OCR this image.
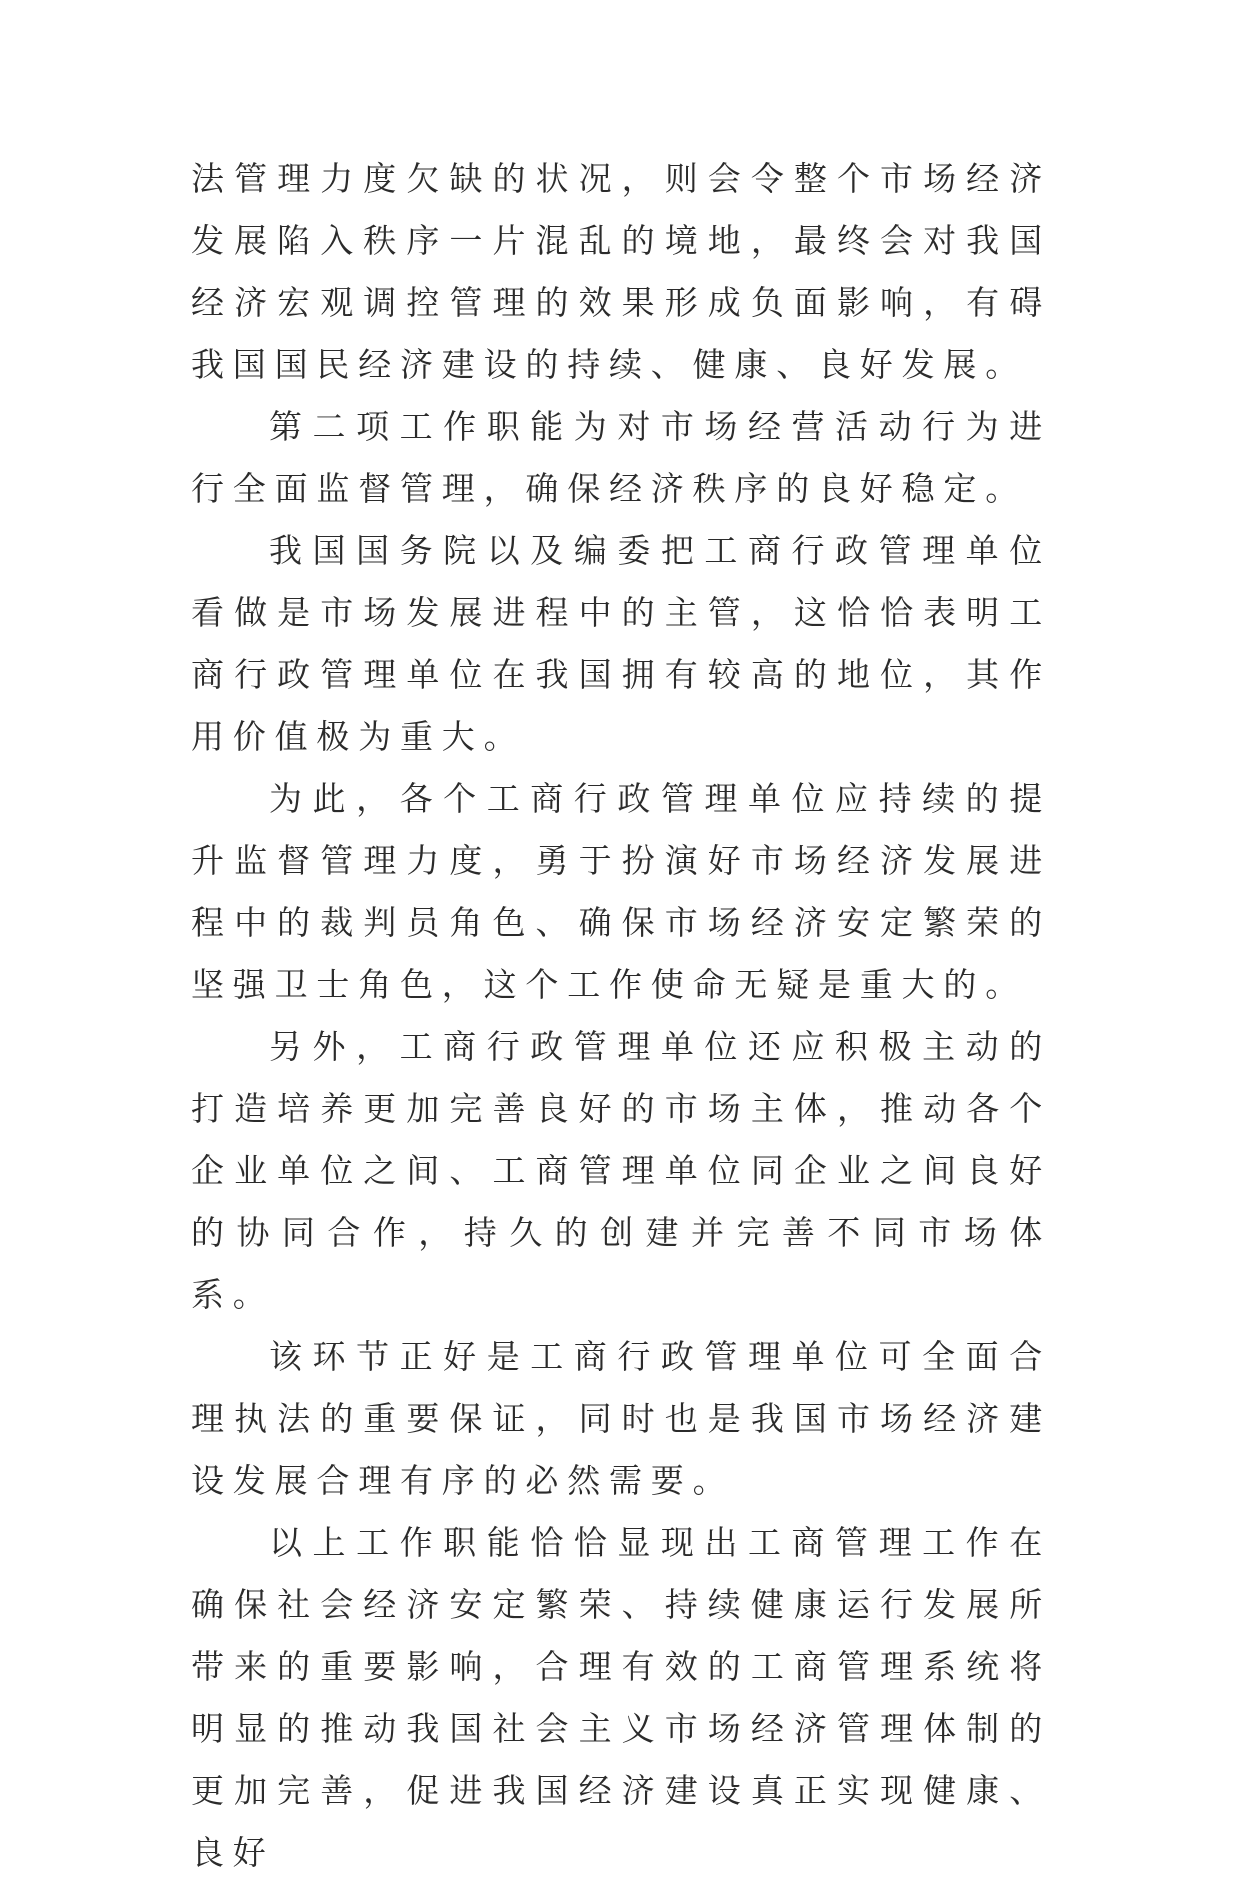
法管理力度欠缺的状况，则会令整个市场经济发展陷入秩序一片混乱的境地，最终会对我国经济宏观调控管理的效果形成负面影响，有碍我国国民经济建设的持续、健康、良好发展。

第二项工作职能为对市场经营活动行为进行全面监督管理，确保经济秩序的良好稳定。

我国国务院以及编委把工商行政管理单位看做是市场发展进程中的主管，这恰恰表明工商行政管理单位在我国拥有较高的地位，其作用价值极为重大。

为此，各个工商行政管理单位应持续的提升监督管理力度，勇于扮演好市场经济发展进程中的裁判员角色、确保市场经济安定繁荣的坚强卫士角色，这个工作使命无疑是重大的。

另外，工商行政管理单位还应积极主动的打造培养更加完善良好的市场主体，推动各个企业单位之间、工商管理单位同企业之间良好的协同合作，持久的创建并完善不同市场体系。

该环节正好是工商行政管理单位可全面合理执法的重要保证，同时也是我国市场经济建设发展合理有序的必然需要。

以上工作职能恰恰显现出工商管理工作在确保社会经济安定繁荣、持续健康运行发展所带来的重要影响，合理有效的工商管理系统将明显的推动我国社会主义市场经济管理体制的更加完善，促进我国经济建设真正实现健康、良好
